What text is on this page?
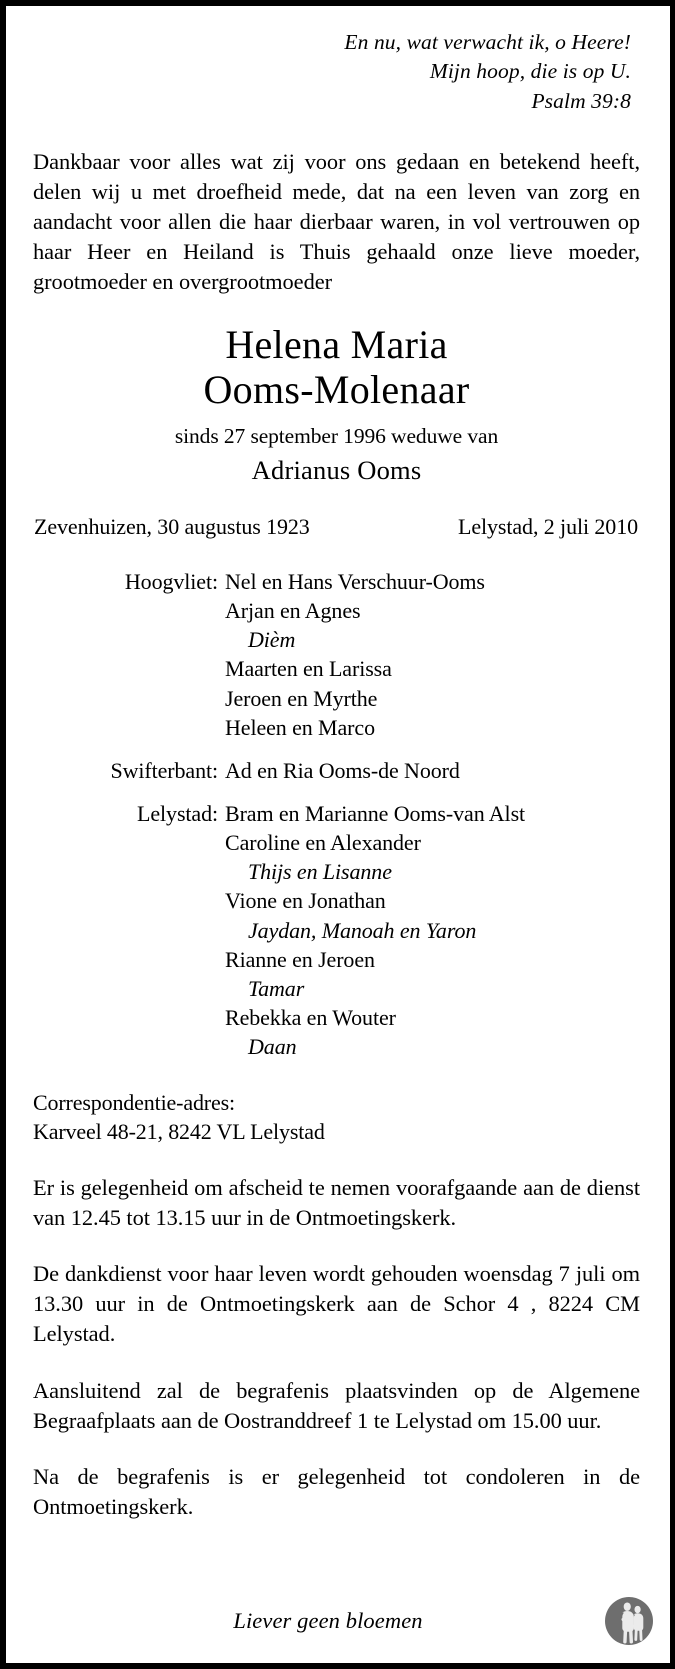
En nu, wat verwacht ik, o Heere!
Mijn hoop, die is op U.
Psalm 39:8

Dankbaar voor alles wat zij voor ons gedaan en betekend heeft, delen wij u met droefheid mede, dat na een leven van zorg en aandacht voor allen die haar dierbaar waren, in vol vertrouwen op haar Heer en Heiland is Thuis gehaald onze lieve moeder, grootmoeder en overgrootmoeder

Helena Maria
Ooms-Molenaar
sinds 27 september 1996 weduwe van
Adrianus Ooms
Zevenhuizen, 30 augustus 1923	Lelystad, 2 juli 2010
Hoogvliet: Nel en Hans Verschuur-Ooms
Arjan en Agnes
Dièm
Maarten en Larissa
Jeroen en Myrthe
Heleen en Marco
Swifterbant: Ad en Ria Ooms-de Noord
Lelystad: Bram en Marianne Ooms-van Alst
Caroline en Alexander
Thijs en Lisanne
Vione en Jonathan
Jaydan, Manoah en Yaron
Rianne en Jeroen
Tamar
Rebekka en Wouter
Daan
Correspondentie-adres:
Karveel 48-21, 8242 VL Lelystad

Er is gelegenheid om afscheid te nemen voorafgaande aan de dienst van 12.45 tot 13.15 uur in de Ontmoetingskerk.

De dankdienst voor haar leven wordt gehouden woensdag 7 juli om 13.30 uur in de Ontmoetingskerk aan de Schor 4 , 8224 CM Lelystad.

Aansluitend zal de begrafenis plaatsvinden op de Algemene Begraafplaats aan de Oostranddreef 1 te Lelystad om 15.00 uur.

Na de begrafenis is er gelegenheid tot condoleren in de Ontmoetingskerk.

Liever geen bloemen
